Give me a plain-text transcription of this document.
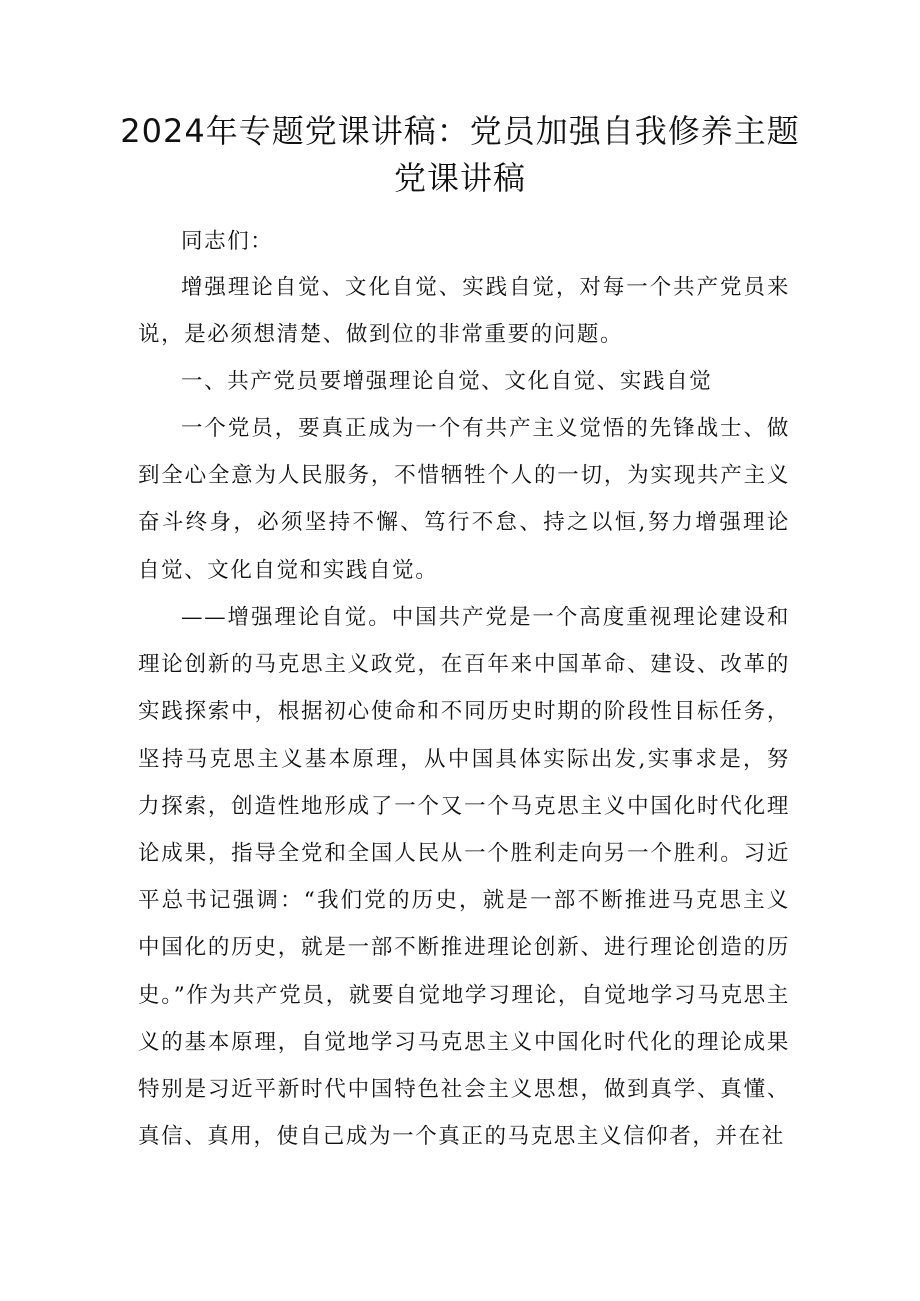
2024年专题党课讲稿：党员加强自我修养主题党课讲稿

同志们：

增强理论自觉、文化自觉、实践自觉，对每一个共产党员来说，是必须想清楚、做到位的非常重要的问题。

一、共产党员要增强理论自觉、文化自觉、实践自觉

一个党员，要真正成为一个有共产主义觉悟的先锋战士、做到全心全意为人民服务，不惜牺牲个人的一切，为实现共产主义奋斗终身，必须坚持不懈、笃行不怠、持之以恒,努力增强理论自觉、文化自觉和实践自觉。

——增强理论自觉。中国共产党是一个高度重视理论建设和理论创新的马克思主义政党，在百年来中国革命、建设、改革的实践探索中，根据初心使命和不同历史时期的阶段性目标任务，坚持马克思主义基本原理，从中国具体实际出发,实事求是，努力探索，创造性地形成了一个又一个马克思主义中国化时代化理论成果，指导全党和全国人民从一个胜利走向另一个胜利。习近平总书记强调：“我们党的历史，就是一部不断推进马克思主义中国化的历史，就是一部不断推进理论创新、进行理论创造的历史。”作为共产党员，就要自觉地学习理论，自觉地学习马克思主义的基本原理，自觉地学习马克思主义中国化时代化的理论成果特别是习近平新时代中国特色社会主义思想，做到真学、真懂、真信、真用，使自己成为一个真正的马克思主义信仰者，并在社
